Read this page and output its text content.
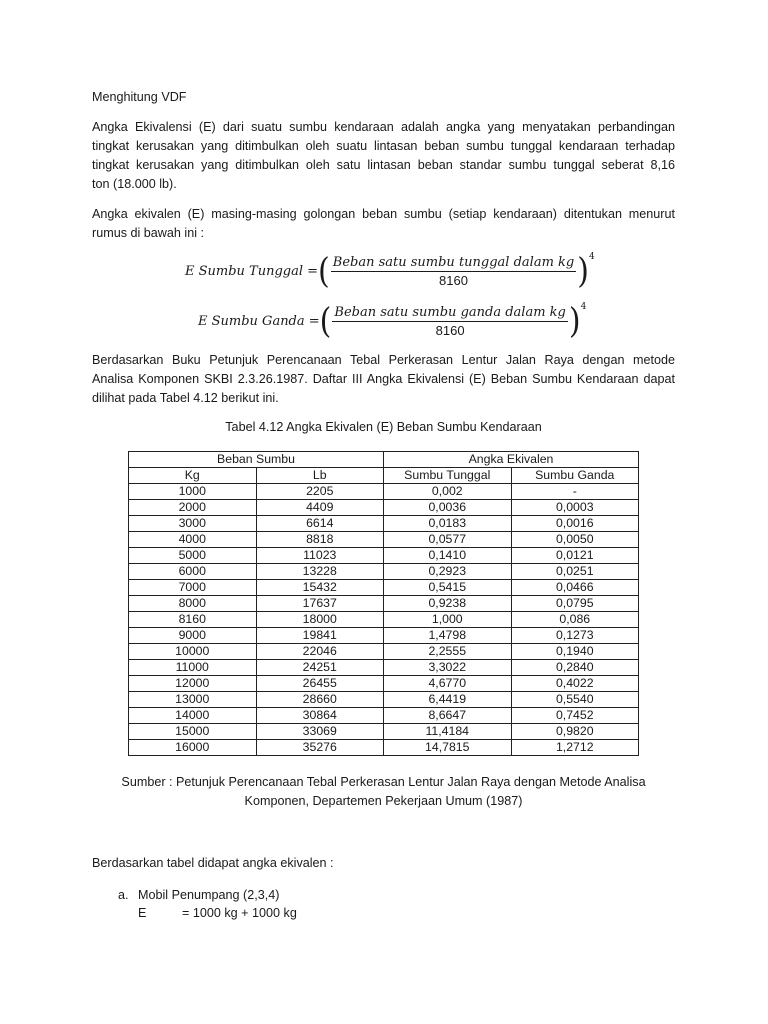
Menghitung VDF
Angka Ekivalensi (E) dari suatu sumbu kendaraan adalah angka yang menyatakan perbandingan
tingkat kerusakan yang ditimbulkan oleh suatu lintasan beban sumbu tunggal kendaraan terhadap
tingkat kerusakan yang ditimbulkan oleh satu lintasan beban standar sumbu tunggal seberat 8,16
ton (18.000 lb).
Angka ekivalen (E) masing-masing golongan beban sumbu (setiap kendaraan) ditentukan menurut
rumus di bawah ini :
E Sumbu Tunggal = ( $\frac{\text{Beban satu sumbu tunggal dalam kg}}{8160}$ ) 4
E Sumbu Ganda = ( $\frac{\text{Beban satu sumbu ganda dalam kg}}{8160}$ ) 4
Berdasarkan Buku Petunjuk Perencanaan Tebal Perkerasan Lentur Jalan Raya dengan metode
Analisa Komponen SKBI 2.3.26.1987. Daftar III Angka Ekivalensi (E) Beban Sumbu Kendaraan dapat
dilihat pada Tabel 4.12 berikut ini.
Tabel 4.12 Angka Ekivalen (E) Beban Sumbu Kendaraan
Beban Sumbu		Angka Ekivalen	
Kg	Lb	Sumbu Tunggal	Sumbu Ganda
1000	2205	0,002	-
2000	4409	0,0036	0,0003
3000	6614	0,0183	0,0016
4000	8818	0,0577	0,0050
5000	11023	0,1410	0,0121
6000	13228	0,2923	0,0251
7000	15432	0,5415	0,0466
8000	17637	0,9238	0,0795
8160	18000	1,000	0,086
9000	19841	1,4798	0,1273
10000	22046	2,2555	0,1940
11000	24251	3,3022	0,2840
12000	26455	4,6770	0,4022
13000	28660	6,4419	0,5540
14000	30864	8,6647	0,7452
15000	33069	11,4184	0,9820
16000	35276	14,7815	1,2712
Sumber : Petunjuk Perencanaan Tebal Perkerasan Lentur Jalan Raya dengan Metode Analisa
Komponen, Departemen Pekerjaan Umum (1987)
Berdasarkan tabel didapat angka ekivalen :
a. Mobil Penumpang (2,3,4)
E	= 1000 kg + 1000 kg
